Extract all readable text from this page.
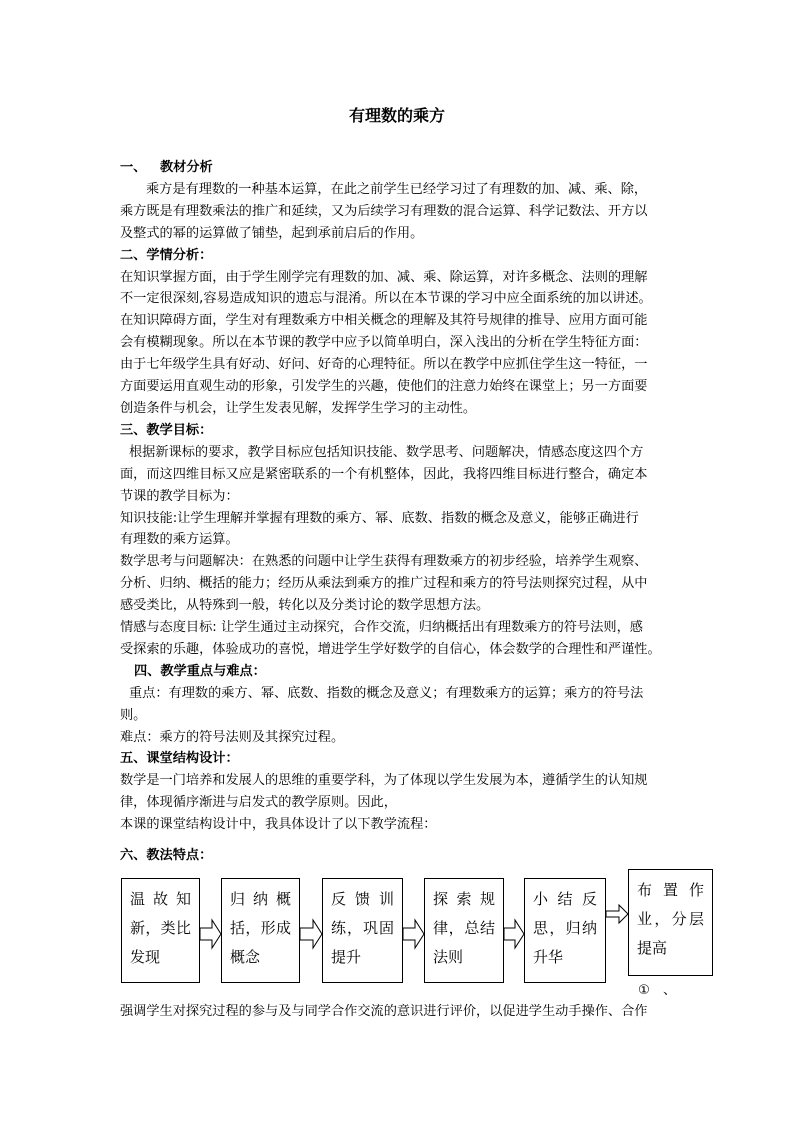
有理数的乘方

一、 教材分析

乘方是有理数的一种基本运算，在此之前学生已经学习过了有理数的加、减、乘、除，

乘方既是有理数乘法的推广和延续，又为后续学习有理数的混合运算、科学记数法、开方以

及整式的幂的运算做了铺垫，起到承前启后的作用。

二、学情分析：

在知识掌握方面，由于学生刚学完有理数的加、减、乘、除运算，对许多概念、法则的理解

不一定很深刻,容易造成知识的遗忘与混淆。所以在本节课的学习中应全面系统的加以讲述。

在知识障碍方面，学生对有理数乘方中相关概念的理解及其符号规律的推导、应用方面可能

会有模糊现象。所以在本节课的教学中应予以简单明白，深入浅出的分析在学生特征方面：

由于七年级学生具有好动、好问、好奇的心理特征。所以在教学中应抓住学生这一特征，一

方面要运用直观生动的形象，引发学生的兴趣，使他们的注意力始终在课堂上；另一方面要

创造条件与机会，让学生发表见解，发挥学生学习的主动性。

三、教学目标：

根据新课标的要求，教学目标应包括知识技能、数学思考、问题解决，情感态度这四个方

面，而这四维目标又应是紧密联系的一个有机整体，因此，我将四维目标进行整合，确定本

节课的教学目标为：

知识技能:让学生理解并掌握有理数的乘方、幂、底数、指数的概念及意义，能够正确进行

有理数的乘方运算。

数学思考与问题解决：在熟悉的问题中让学生获得有理数乘方的初步经验，培养学生观察、

分析、归纳、概括的能力；经历从乘法到乘方的推广过程和乘方的符号法则探究过程，从中

感受类比，从特殊到一般，转化以及分类讨论的数学思想方法。

情感与态度目标: 让学生通过主动探究，合作交流，归纳概括出有理数乘方的符号法则，感

受探索的乐趣，体验成功的喜悦，增进学生学好数学的自信心，体会数学的合理性和严谨性。

四、教学重点与难点：

重点：有理数的乘方、幂、底数、指数的概念及意义；有理数乘方的运算；乘方的符号法

则。

难点：乘方的符号法则及其探究过程。

五、课堂结构设计：

数学是一门培养和发展人的思维的重要学科，为了体现以学生发展为本，遵循学生的认知规

律，体现循序渐进与启发式的教学原则。因此，

本课的课堂结构设计中，我具体设计了以下教学流程：

六、教法特点：
温故知新，类比发现
归纳概括，形成概念
反馈训练，巩固提升
探索规律，总结法则
小结反思，归纳升华
布置作业，分层提高
①　、
强调学生对探究过程的参与及与同学合作交流的意识进行评价，以促进学生动手操作、合作
